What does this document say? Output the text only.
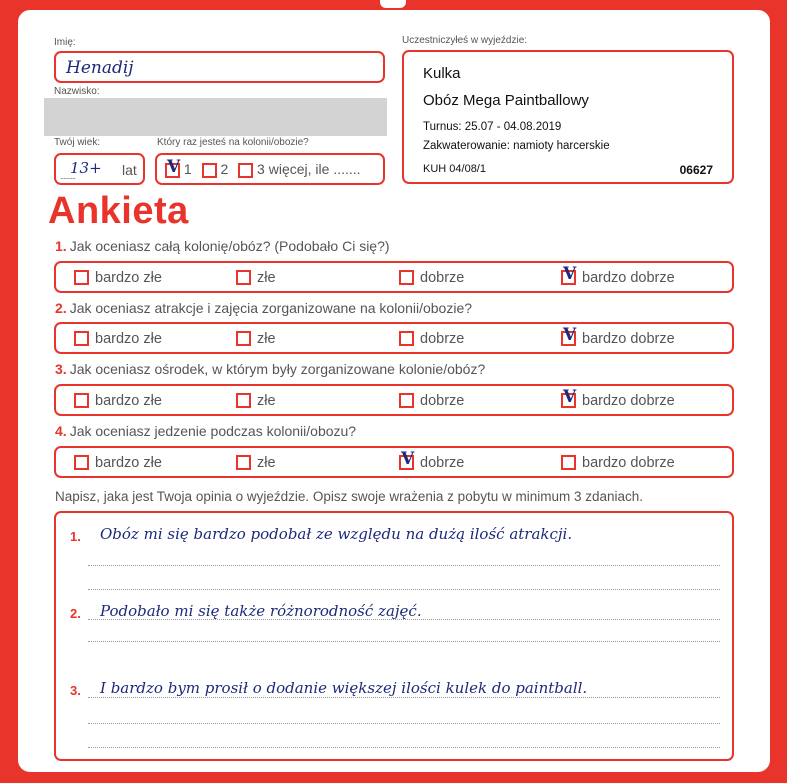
Imię:
Henadij
Nazwisko:
Twój wiek:
..........
13+ lat
Który raz jesteś na kolonii/obozie?
V 1 2 3 więcej, ile .......
Uczestniczyłeś w wyjeździe:
Kulka
Obóz Mega Paintballowy
Turnus: 25.07 - 04.08.2019
Zakwaterowanie: namioty harcerskie
KUH 04/08/1	06627
Ankieta
1. Jak oceniasz całą kolonię/obóz? (Podobało Ci się?)
bardzo złe	złe	dobrze	V bardzo dobrze
2. Jak oceniasz atrakcje i zajęcia zorganizowane na kolonii/obozie?
bardzo złe	złe	dobrze	V bardzo dobrze
3. Jak oceniasz ośrodek, w którym były zorganizowane kolonie/obóz?
bardzo złe	złe	dobrze	V bardzo dobrze
4. Jak oceniasz jedzenie podczas kolonii/obozu?
bardzo złe	złe	V dobrze	bardzo dobrze
Napisz, jaka jest Twoja opinia o wyjeździe. Opisz swoje wrażenia z pobytu w minimum 3 zdaniach.
1. Obóz mi się bardzo podobał ze względu na dużą ilość atrakcji.
2. Podobało mi się także różnorodność zajęć.
3. I bardzo bym prosił o dodanie większej ilości kulek do paintball.
